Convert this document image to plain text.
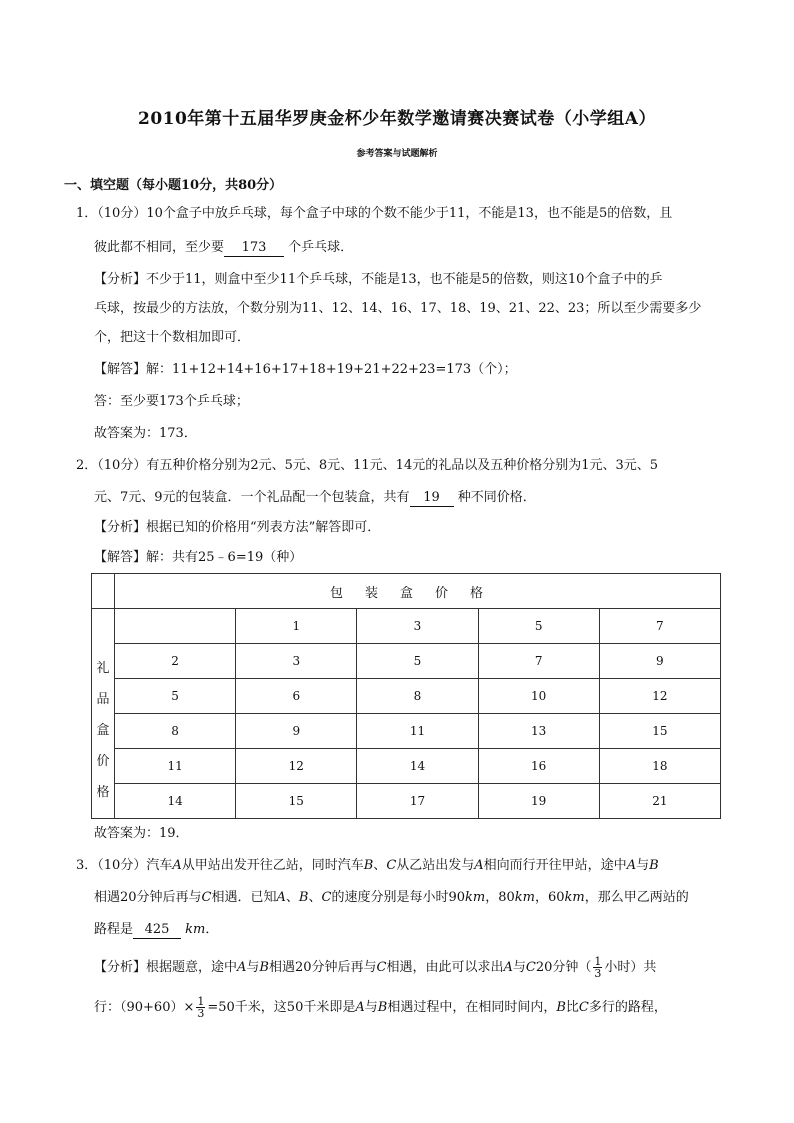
2010年第十五届华罗庚金杯少年数学邀请赛决赛试卷（小学组A）
参考答案与试题解析
一、填空题（每小题10分，共80分）
1．（10分）10个盒子中放乒乓球，每个盒子中球的个数不能少于11，不能是13，也不能是5的倍数，且
彼此都不相同，至少要 173 个乒乓球．
【分析】不少于11，则盒中至少11个乒乓球，不能是13，也不能是5的倍数，则这10个盒子中的乒
乓球，按最少的方法放，个数分别为11、12、14、16、17、18、19、21、22、23；所以至少需要多少
个，把这十个数相加即可．
【解答】解：11+12+14+16+17+18+19+21+22+23=173（个）；
答：至少要173个乒乓球；
故答案为：173．
2．（10分）有五种价格分别为2元、5元、8元、11元、14元的礼品以及五种价格分别为1元、3元、5
元、7元、9元的包装盒．一个礼品配一个包装盒，共有 19 种不同价格．
【分析】根据已知的价格用“列表方法”解答即可．
【解答】解：共有25﹣6=19（种）
	包装盒价格				

礼
品
盒
价
格		1	3	5	7
	2	3	5	7	9
	5	6	8	10	12
	8	9	11	13	15
	11	12	14	16	18
	14	15	17	19	21
故答案为：19．
3．（10分）汽车A从甲站出发开往乙站，同时汽车B、C从乙站出发与A相向而行开往甲站，途中A与B
相遇20分钟后再与C相遇．已知A、B、C的速度分别是每小时90km，80km，60km，那么甲乙两站的
路程是 425 km．
【分析】根据题意，途中A与B相遇20分钟后再与C相遇，由此可以求出A与C20分钟（ $\frac{1}{3}$ 小时）共
行：$(90+60)\times \frac{1}{3} =50$千米，这50千米即是A与B相遇过程中，在相同时间内，B比C多行的路程，
